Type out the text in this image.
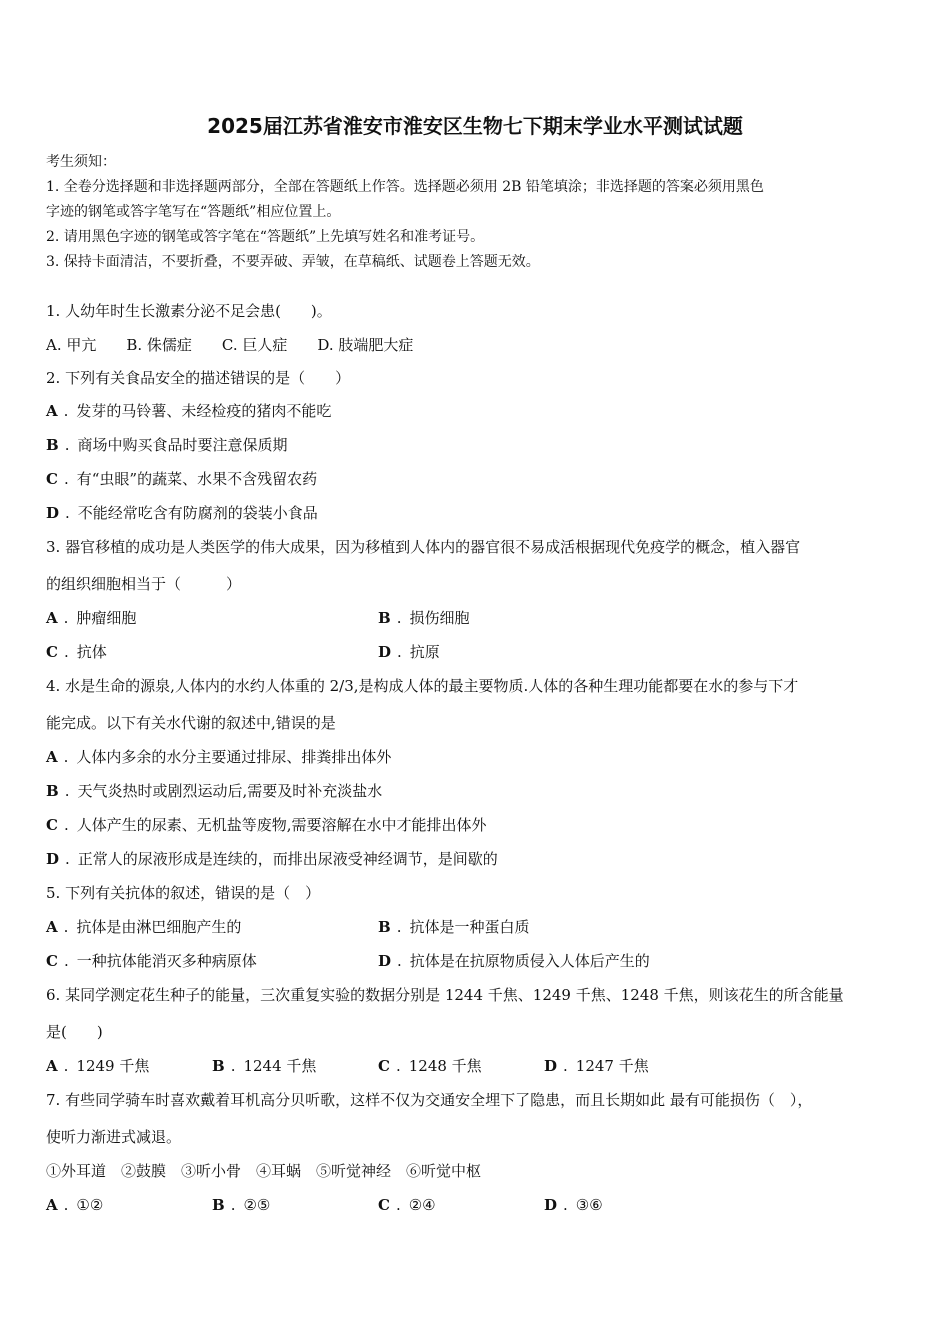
2025届江苏省淮安市淮安区生物七下期末学业水平测试试题
考生须知：
1. 全卷分选择题和非选择题两部分，全部在答题纸上作答。选择题必须用 2B 铅笔填涂；非选择题的答案必须用黑色
字迹的钢笔或答字笔写在“答题纸”相应位置上。
2. 请用黑色字迹的钢笔或答字笔在“答题纸”上先填写姓名和准考证号。
3. 保持卡面清洁，不要折叠，不要弄破、弄皱，在草稿纸、试题卷上答题无效。
1. 人幼年时生长激素分泌不足会患(　　)。
A. 甲亢　　B. 侏儒症　　C. 巨人症　　D. 肢端肥大症
2. 下列有关食品安全的描述错误的是（　　）
A . 发芽的马铃薯、未经检疫的猪肉不能吃
B . 商场中购买食品时要注意保质期
C . 有“虫眼”的蔬菜、水果不含残留农药
D . 不能经常吃含有防腐剂的袋装小食品
3. 器官移植的成功是人类医学的伟大成果，因为移植到人体内的器官很不易成活根据现代免疫学的概念，植入器官
的组织细胞相当于（　　　）
A . 肿瘤细胞	B . 损伤细胞
C . 抗体	D . 抗原
4. 水是生命的源泉,人体内的水约人体重的 2/3,是构成人体的最主要物质.人体的各种生理功能都要在水的参与下才
能完成。以下有关水代谢的叙述中,错误的是
A . 人体内多余的水分主要通过排尿、排粪排出体外
B . 天气炎热时或剧烈运动后,需要及时补充淡盐水
C . 人体产生的尿素、无机盐等废物,需要溶解在水中才能排出体外
D . 正常人的尿液形成是连续的，而排出尿液受神经调节，是间歇的
5. 下列有关抗体的叙述，错误的是（　）
A . 抗体是由淋巴细胞产生的	B . 抗体是一种蛋白质
C . 一种抗体能消灭多种病原体	D . 抗体是在抗原物质侵入人体后产生的
6. 某同学测定花生种子的能量，三次重复实验的数据分别是 1244 千焦、1249 千焦、1248 千焦，则该花生的所含能量
是(　　)
A . 1249 千焦	B . 1244 千焦	C . 1248 千焦	D . 1247 千焦
7. 有些同学骑车时喜欢戴着耳机高分贝听歌，这样不仅为交通安全埋下了隐患，而且长期如此 最有可能损伤（　），
使听力渐进式减退。
①外耳道　②鼓膜　③听小骨　④耳蜗　⑤听觉神经　⑥听觉中枢
A . ①②	B . ②⑤	C . ②④	D . ③⑥
